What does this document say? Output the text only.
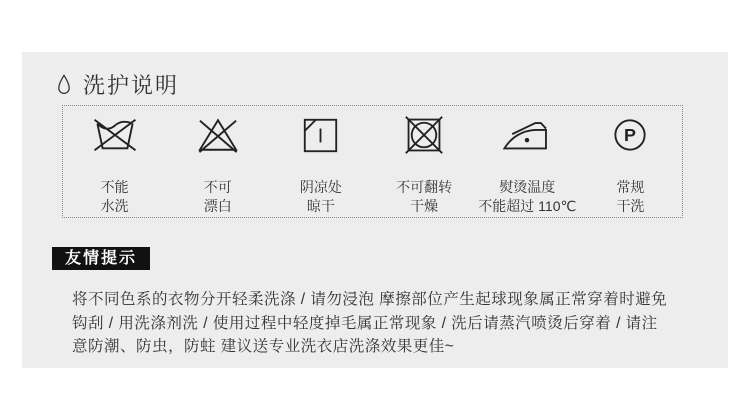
洗护说明
不能
水洗
不可
漂白
阴凉处
晾干
不可翻转
干燥
熨烫温度
不能超过 110℃
P
常规
干洗
友情提示
将不同色系的衣物分开轻柔洗涤 / 请勿浸泡 摩擦部位产生起球现象属正常穿着时避免
钩刮 / 用洗涤剂洗 / 使用过程中轻度掉毛属正常现象 / 洗后请蒸汽喷烫后穿着 / 请注
意防潮、防虫，防蛀 建议送专业洗衣店洗涤效果更佳~
